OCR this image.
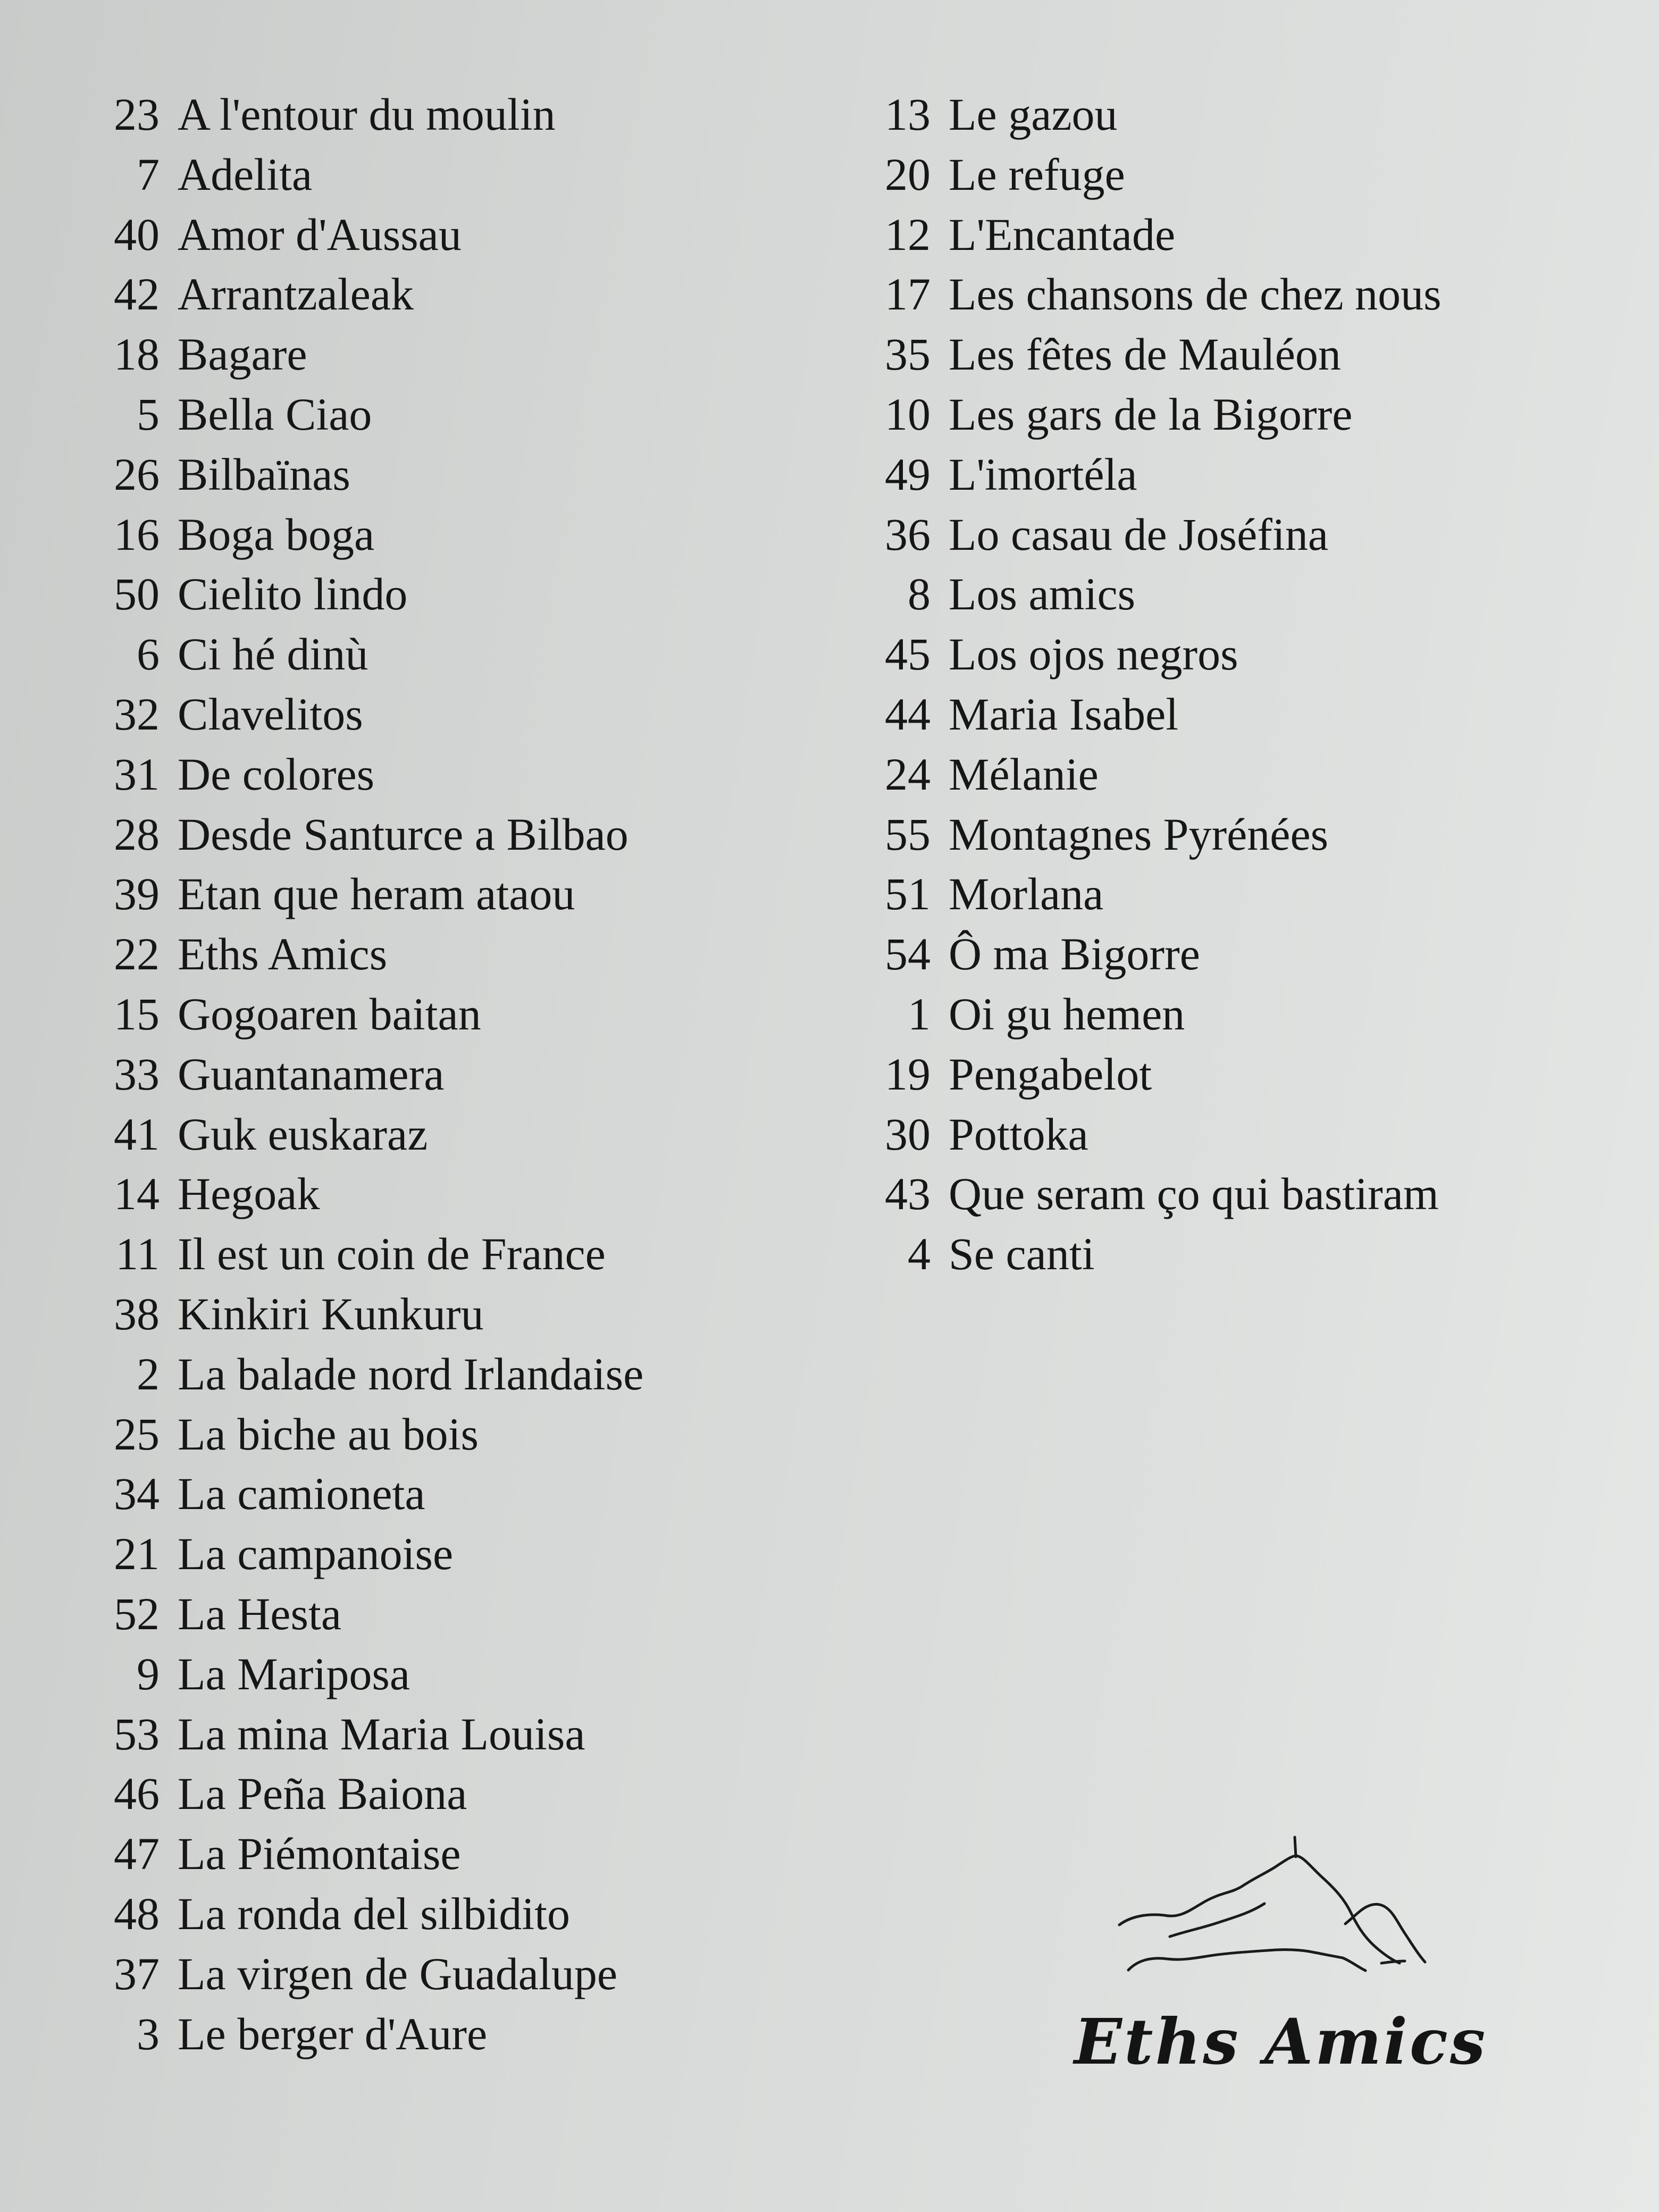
23 A l'entour du moulin
7 Adelita
40 Amor d'Aussau
42 Arrantzaleak
18 Bagare
5 Bella Ciao
26 Bilbaïnas
16 Boga boga
50 Cielito lindo
6 Ci hé dinù
32 Clavelitos
31 De colores
28 Desde Santurce a Bilbao
39 Etan que heram ataou
22 Eths Amics
15 Gogoaren baitan
33 Guantanamera
41 Guk euskaraz
14 Hegoak
11 Il est un coin de France
38 Kinkiri Kunkuru
2 La balade nord Irlandaise
25 La biche au bois
34 La camioneta
21 La campanoise
52 La Hesta
9 La Mariposa
53 La mina Maria Louisa
46 La Peña Baiona
47 La Piémontaise
48 La ronda del silbidito
37 La virgen de Guadalupe
3 Le berger d'Aure
13 Le gazou
20 Le refuge
12 L'Encantade
17 Les chansons de chez nous
35 Les fêtes de Mauléon
10 Les gars de la Bigorre
49 L'imortéla
36 Lo casau de Joséfina
8 Los amics
45 Los ojos negros
44 Maria Isabel
24 Mélanie
55 Montagnes Pyrénées
51 Morlana
54 Ô ma Bigorre
1 Oi gu hemen
19 Pengabelot
30 Pottoka
43 Que seram ço qui bastiram
4 Se canti
Eths Amics
